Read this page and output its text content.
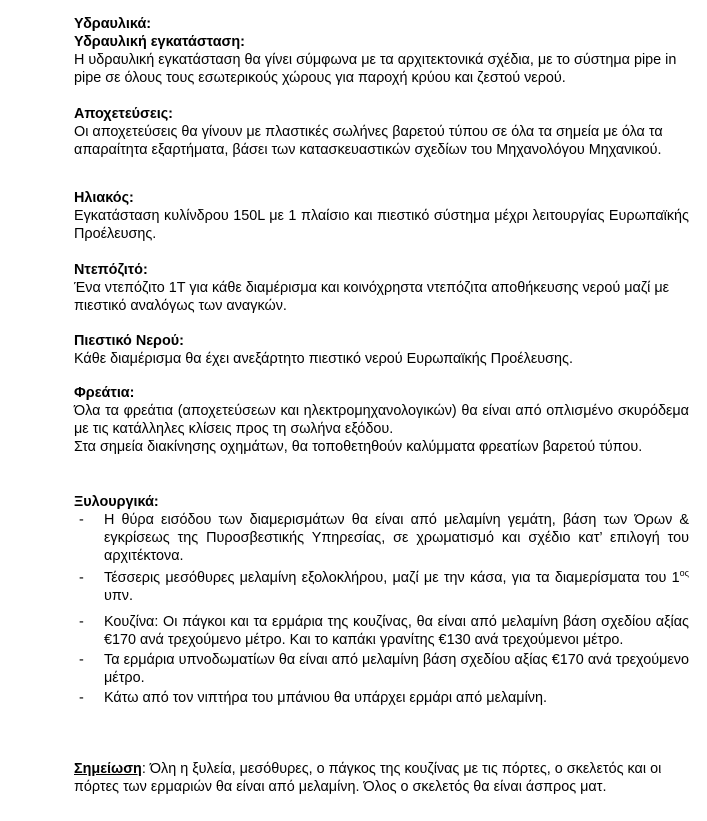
Υδραυλικά:
Υδραυλική εγκατάσταση:
Η υδραυλική εγκατάσταση θα γίνει σύμφωνα με τα αρχιτεκτονικά σχέδια, με το σύστημα pipe in pipe σε όλους τους εσωτερικούς χώρους για παροχή κρύου και ζεστού νερού.
Αποχετεύσεις:
Οι αποχετεύσεις θα γίνουν με πλαστικές σωλήνες βαρετού τύπου σε όλα τα σημεία με όλα τα απαραίτητα εξαρτήματα, βάσει των κατασκευαστικών σχεδίων του Μηχανολόγου Μηχανικού.
Ηλιακός:
Εγκατάσταση κυλίνδρου 150L με 1 πλαίσιο και πιεστικό σύστημα μέχρι λειτουργίας Ευρωπαϊκής Προέλευσης.
Ντεπόζιτό:
Ένα ντεπόζιτο 1Τ για κάθε διαμέρισμα και κοινόχρηστα ντεπόζιτα αποθήκευσης νερού μαζί με πιεστικό αναλόγως των αναγκών.
Πιεστικό Νερού:
Κάθε διαμέρισμα θα έχει ανεξάρτητο πιεστικό νερού Ευρωπαϊκής Προέλευσης.
Φρεάτια:
Όλα τα φρεάτια (αποχετεύσεων και ηλεκτρομηχανολογικών) θα είναι από οπλισμένο σκυρόδεμα με τις κατάλληλες κλίσεις προς τη σωλήνα εξόδου.
Στα σημεία διακίνησης οχημάτων, θα τοποθετηθούν καλύμματα φρεατίων βαρετού τύπου.
Ξυλουργικά:
- Η θύρα εισόδου των διαμερισμάτων θα είναι από μελαμίνη γεμάτη, βάση των Όρων & εγκρίσεως της Πυροσβεστικής Υπηρεσίας, σε χρωματισμό και σχέδιο κατ’ επιλογή του αρχιτέκτονα.
- Τέσσερις μεσόθυρες μελαμίνη εξολοκλήρου, μαζί με την κάσα, για τα διαμερίσματα του $1^{o\varsigma}$ υπν.
- Κουζίνα: Οι πάγκοι και τα ερμάρια της κουζίνας, θα είναι από μελαμίνη βάση σχεδίου αξίας €170 ανά τρεχούμενο μέτρο. Και το καπάκι γρανίτης €130 ανά τρεχούμενοι μέτρο.
- Τα ερμάρια υπνοδωματίων θα είναι από μελαμίνη βάση σχεδίου αξίας €170 ανά τρεχούμενο μέτρο.
- Κάτω από τον νιπτήρα του μπάνιου θα υπάρχει ερμάρι από μελαμίνη.
Σημείωση: Όλη η ξυλεία, μεσόθυρες, ο πάγκος της κουζίνας με τις πόρτες, ο σκελετός και οι πόρτες των ερμαριών θα είναι από μελαμίνη. Όλος ο σκελετός θα είναι άσπρος ματ.
